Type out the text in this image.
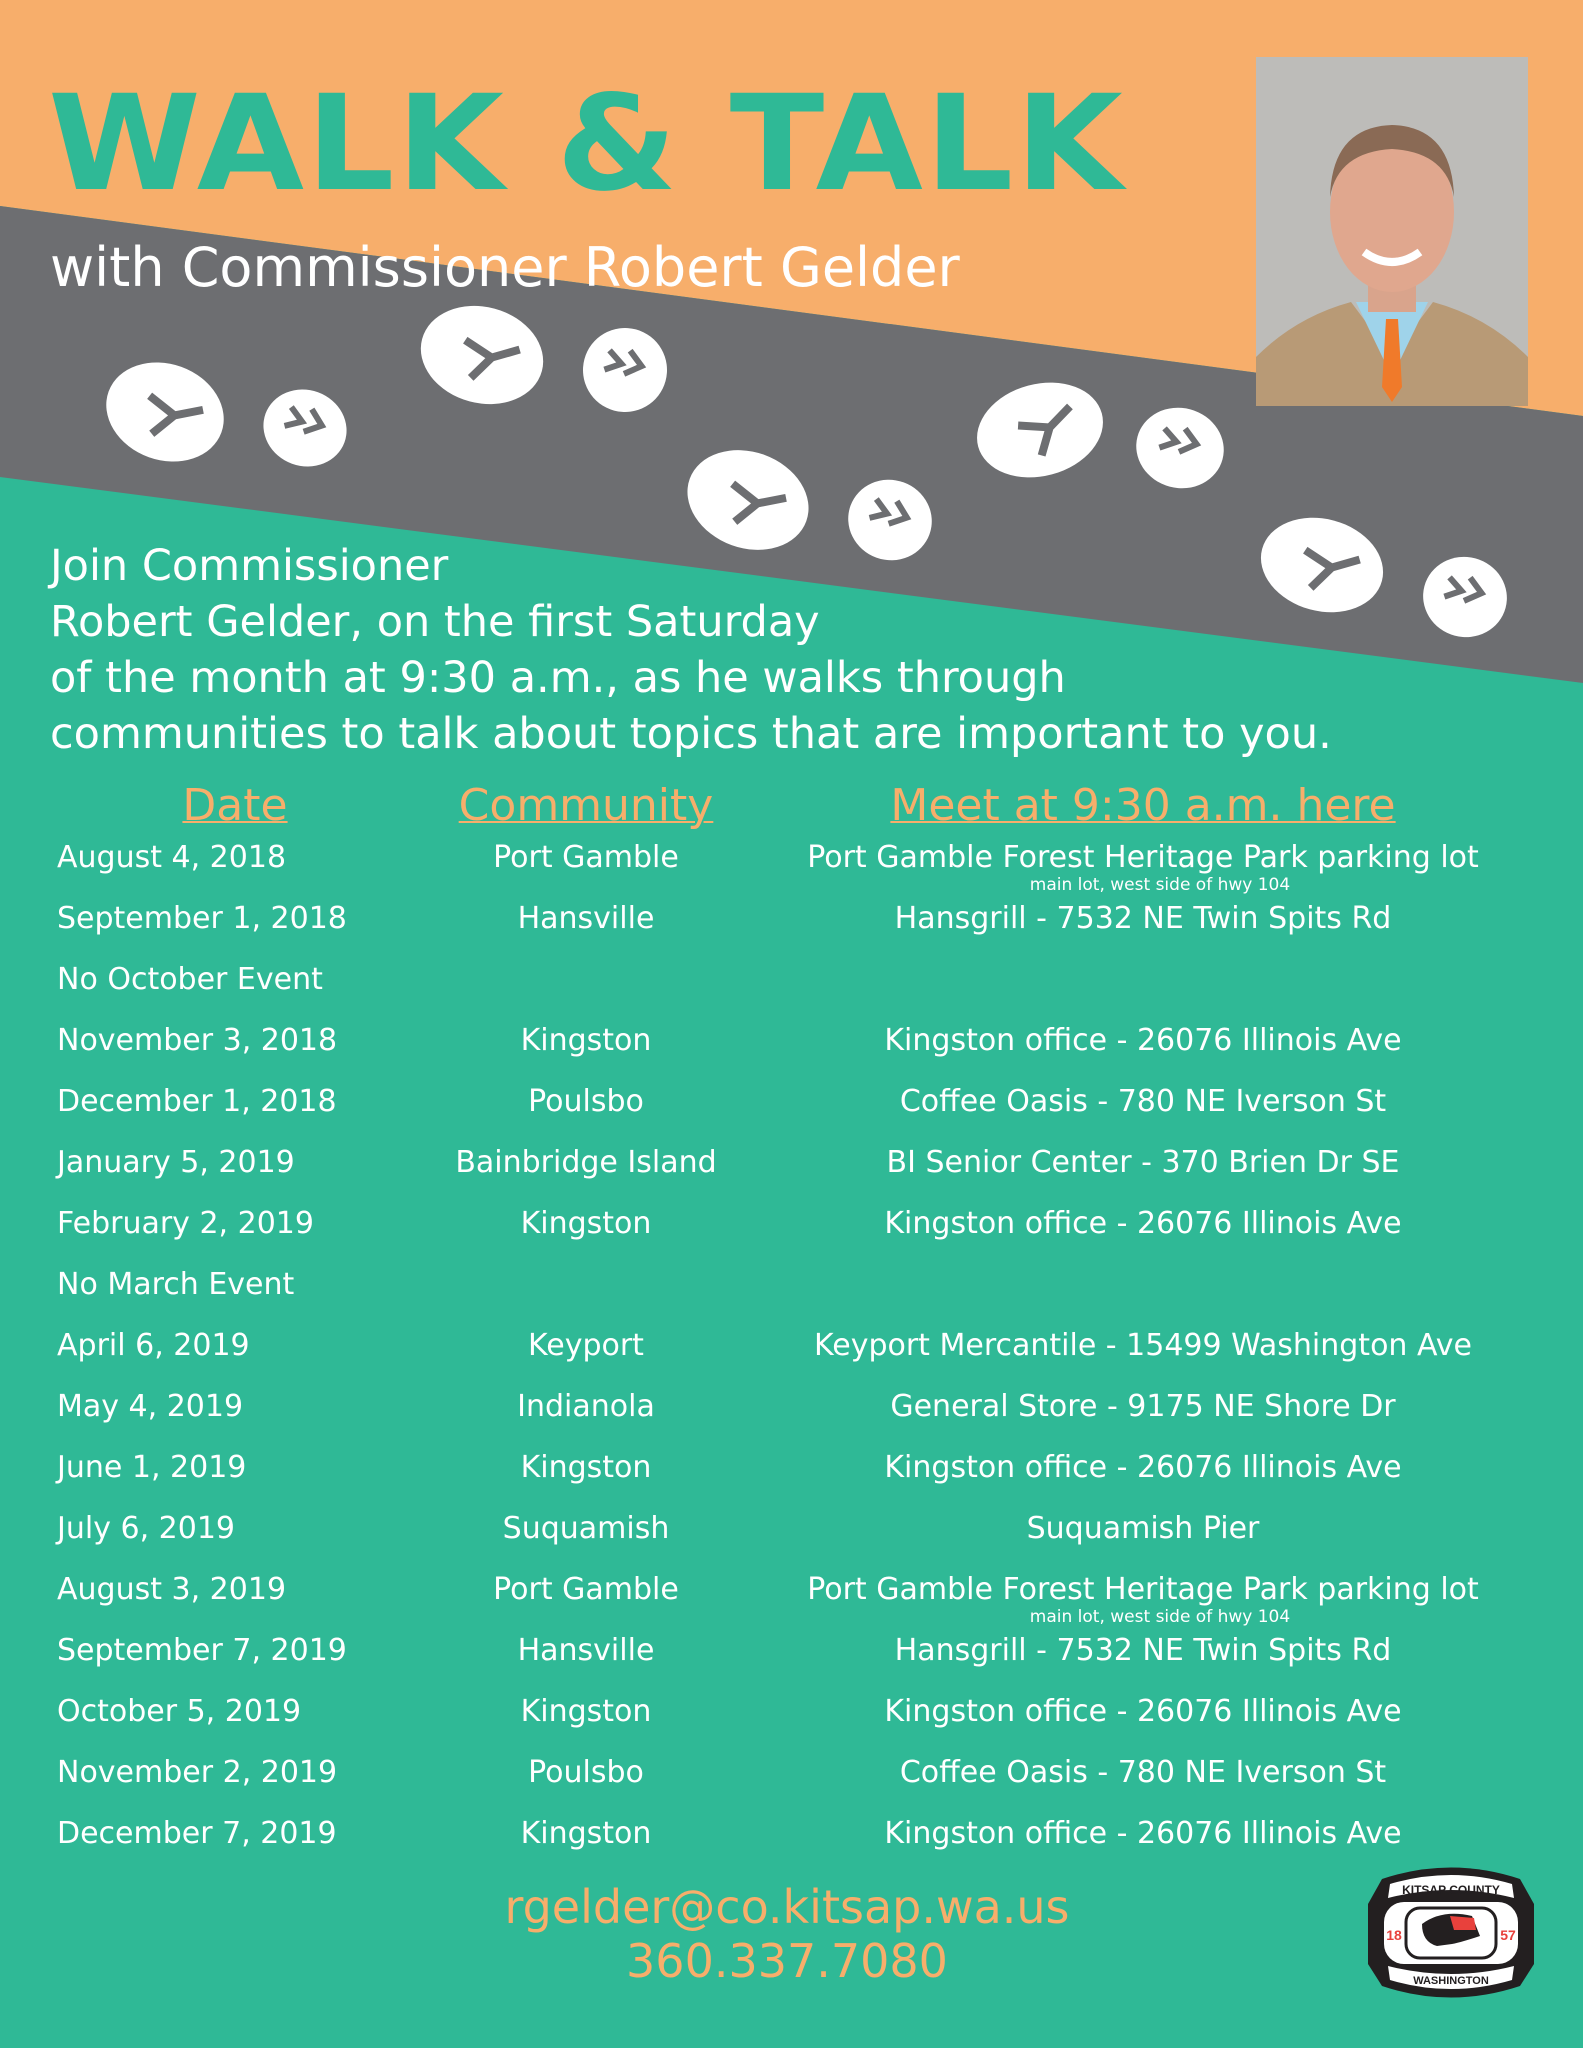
WALK & TALK
with Commissioner Robert Gelder
Join Commissioner
Robert Gelder, on the first Saturday
of the month at 9:30 a.m., as he walks through
communities to talk about topics that are important to you.
Date	Community	Meet at 9:30 a.m. here
August 4, 2018	Port Gamble	Port Gamble Forest Heritage Park parking lot
main lot, west side of hwy 104
September 1, 2018	Hansville	Hansgrill - 7532 NE Twin Spits Rd
No October Event
November 3, 2018	Kingston	Kingston office - 26076 Illinois Ave
December 1, 2018	Poulsbo	Coffee Oasis - 780 NE Iverson St
January 5, 2019	Bainbridge Island	BI Senior Center - 370 Brien Dr SE
February 2, 2019	Kingston	Kingston office - 26076 Illinois Ave
No March Event
April 6, 2019	Keyport	Keyport Mercantile - 15499 Washington Ave
May 4, 2019	Indianola	General Store - 9175 NE Shore Dr
June 1, 2019	Kingston	Kingston office - 26076 Illinois Ave
July 6, 2019	Suquamish	Suquamish Pier
August 3, 2019	Port Gamble	Port Gamble Forest Heritage Park parking lot
main lot, west side of hwy 104
September 7, 2019	Hansville	Hansgrill - 7532 NE Twin Spits Rd
October 5, 2019	Kingston	Kingston office - 26076 Illinois Ave
November 2, 2019	Poulsbo	Coffee Oasis - 780 NE Iverson St
December 7, 2019	Kingston	Kingston office - 26076 Illinois Ave
rgelder@co.kitsap.wa.us
360.337.7080
KITSAP COUNTY
WASHINGTON
18	57
